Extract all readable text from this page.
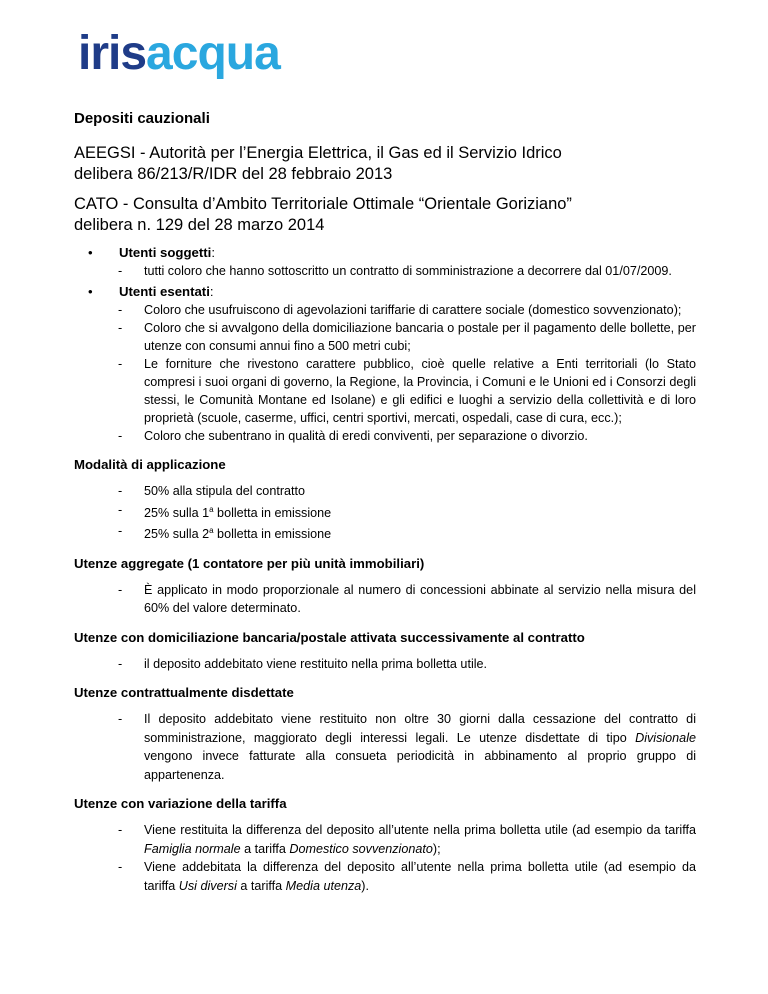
irisacqua
Depositi cauzionali

AEEGSI - Autorità per l’Energia Elettrica, il Gas ed il Servizio Idrico
delibera 86/213/R/IDR del 28 febbraio 2013

CATO - Consulta d’Ambito Territoriale Ottimale “Orientale Goriziano”
delibera n. 129 del 28 marzo 2014

• Utenti soggetti:
- tutti coloro che hanno sottoscritto un contratto di somministrazione a decorrere dal 01/07/2009.
• Utenti esentati:
- Coloro che usufruiscono di agevolazioni tariffarie di carattere sociale (domestico sovvenzionato);
- Coloro che si avvalgono della domiciliazione bancaria o postale per il pagamento delle bollette, per utenze con consumi annui fino a 500 metri cubi;
- Le forniture che rivestono carattere pubblico, cioè quelle relative a Enti territoriali (lo Stato compresi i suoi organi di governo, la Regione, la Provincia, i Comuni e le Unioni ed i Consorzi degli stessi, le Comunità Montane ed Isolane) e gli edifici e luoghi a servizio della collettività e di loro proprietà (scuole, caserme, uffici, centri sportivi, mercati, ospedali, case di cura, ecc.);
- Coloro che subentrano in qualità di eredi conviventi, per separazione o divorzio.
Modalità di applicazione
- 50% alla stipula del contratto
- 25% sulla 1$^a$ bolletta in emissione
- 25% sulla 2$^a$ bolletta in emissione
Utenze aggregate (1 contatore per più unità immobiliari)
- È applicato in modo proporzionale al numero di concessioni abbinate al servizio nella misura del 60% del valore determinato.
Utenze con domiciliazione bancaria/postale attivata successivamente al contratto
- il deposito addebitato viene restituito nella prima bolletta utile.
Utenze contrattualmente disdettate
- Il deposito addebitato viene restituito non oltre 30 giorni dalla cessazione del contratto di somministrazione, maggiorato degli interessi legali. Le utenze disdettate di tipo Divisionale vengono invece fatturate alla consueta periodicità in abbinamento al proprio gruppo di appartenenza.
Utenze con variazione della tariffa
- Viene restituita la differenza del deposito all’utente nella prima bolletta utile (ad esempio da tariffa Famiglia normale a tariffa Domestico sovvenzionato);
- Viene addebitata la differenza del deposito all’utente nella prima bolletta utile (ad esempio da tariffa Usi diversi a tariffa Media utenza).
